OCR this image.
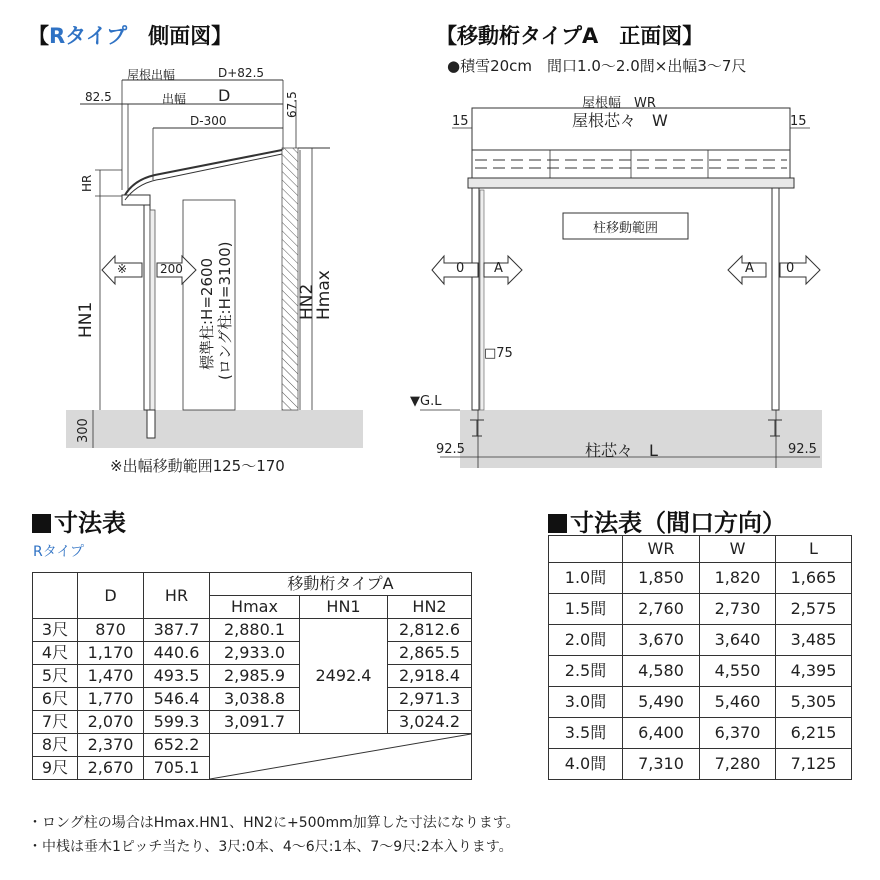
【Rタイプ　 側面図】	【移動桁タイプA　正面図】
●積雪20cm　間口1.0～2.0間×出幅3～7尺
屋根出幅	D+82.5
82.5	出幅 D
D-300
67.5
HR
HN1
※	200 標準柱:H=2600 (ロング柱:H=3100)	HN2
Hmax
300
※出幅移動範囲125～170
屋根幅　WR
屋根芯々　W
15	15
柱移動範囲
0 A	A 0
□75
▼G.L
92.5	柱芯々　L	92.5
寸法表
Rタイプ
	D	HR	移動桁タイプA		
			Hmax	HN1	HN2
3尺	870	387.7	2,880.1	2492.4	2,812.6
4尺	1,170	440.6	2,933.0		2,865.5
5尺	1,470	493.5	2,985.9		2,918.4
6尺	1,770	546.4	3,038.8		2,971.3
7尺	2,070	599.3	3,091.7		3,024.2
8尺	2,370	652.2	

9尺	2,670	705.1			
寸法表（間口方向）
	WR	W	L
1.0間	1,850	1,820	1,665
1.5間	2,760	2,730	2,575
2.0間	3,670	3,640	3,485
2.5間	4,580	4,550	4,395
3.0間	5,490	5,460	5,305
3.5間	6,400	6,370	6,215
4.0間	7,310	7,280	7,125
・ロング柱の場合はHmax.HN1、HN2に+500mm加算した寸法になります。
・中桟は垂木1ピッチ当たり、3尺:0本、4～6尺:1本、7～9尺:2本入ります。
